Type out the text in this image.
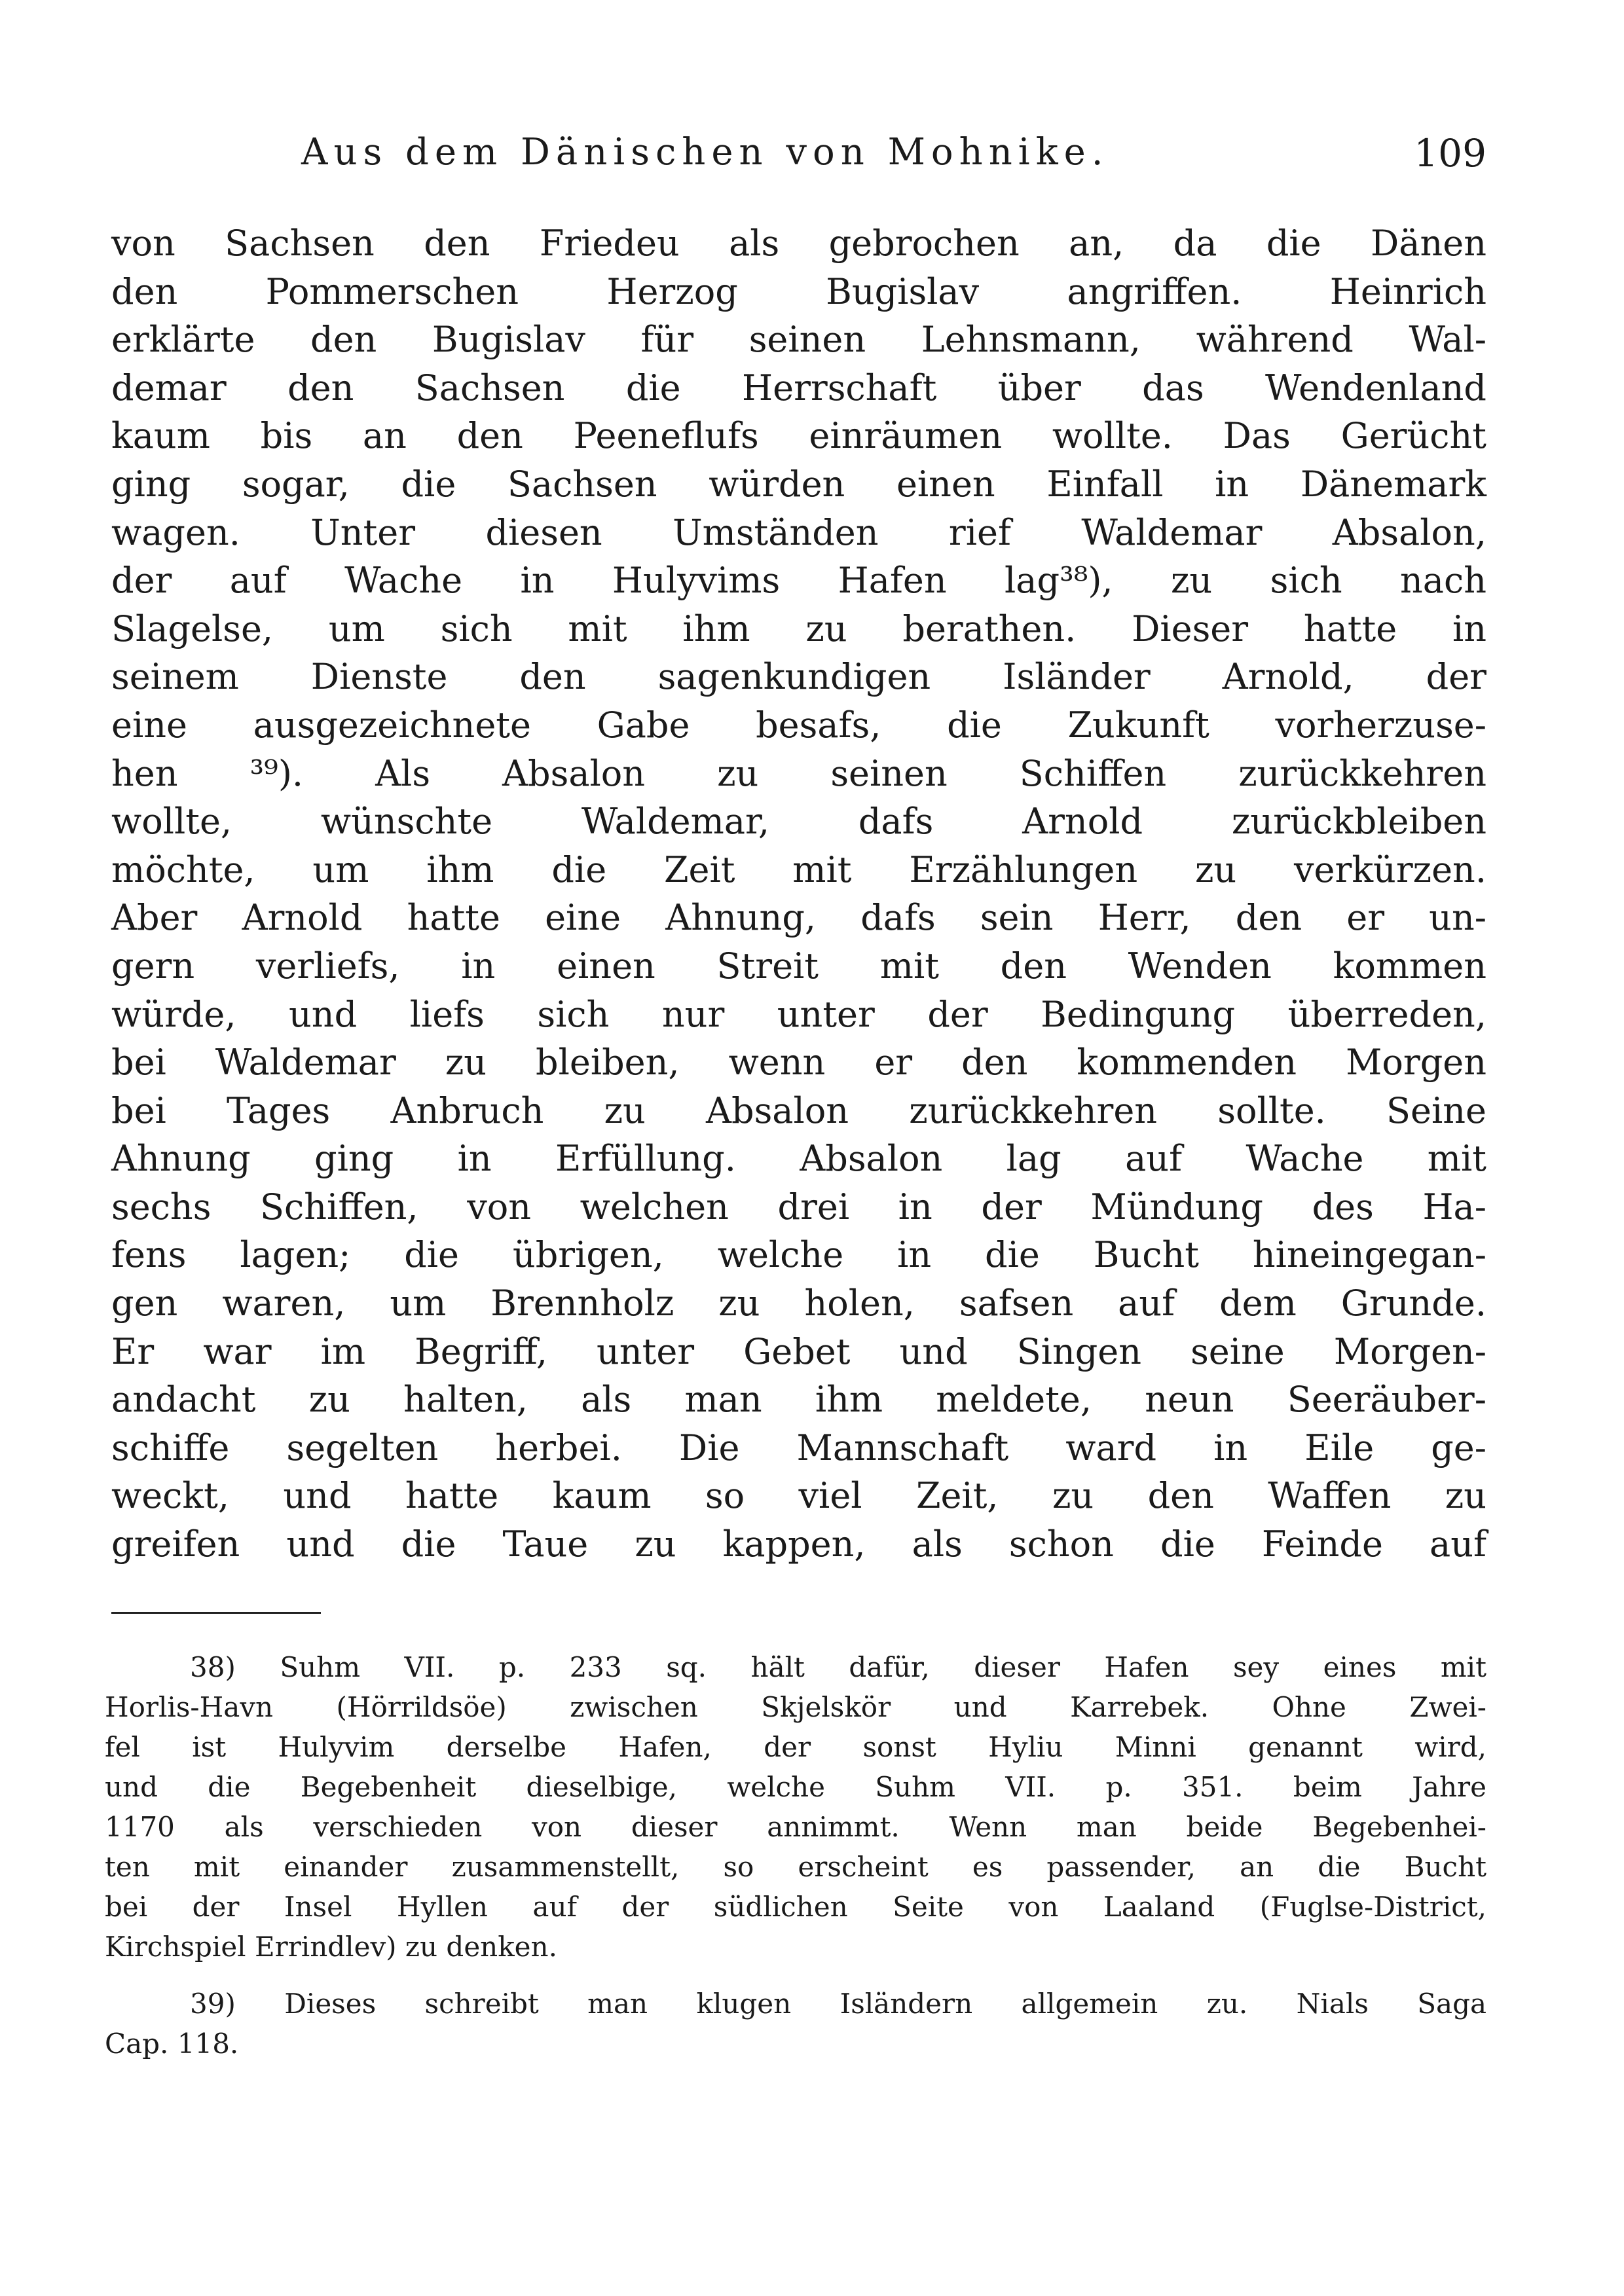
Aus dem Dänischen von Mohnike.	109
von Sachsen den Friedeu als gebrochen an, da die Dänen
den Pommerschen Herzog Bugislav angriffen. Heinrich
erklärte den Bugislav für seinen Lehnsmann, während Wal-
demar den Sachsen die Herrschaft über das Wendenland
kaum bis an den Peeneflufs einräumen wollte. Das Gerücht
ging sogar, die Sachsen würden einen Einfall in Dänemark
wagen. Unter diesen Umständen rief Waldemar Absalon,
der auf Wache in Hulyvims Hafen lag³⁸), zu sich nach
Slagelse, um sich mit ihm zu berathen. Dieser hatte in
seinem Dienste den sagenkundigen Isländer Arnold, der
eine ausgezeichnete Gabe besafs, die Zukunft vorherzuse-
hen ³⁹). Als Absalon zu seinen Schiffen zurückkehren
wollte, wünschte Waldemar, dafs Arnold zurückbleiben
möchte, um ihm die Zeit mit Erzählungen zu verkürzen.
Aber Arnold hatte eine Ahnung, dafs sein Herr, den er un-
gern verliefs, in einen Streit mit den Wenden kommen
würde, und liefs sich nur unter der Bedingung überreden,
bei Waldemar zu bleiben, wenn er den kommenden Morgen
bei Tages Anbruch zu Absalon zurückkehren sollte. Seine
Ahnung ging in Erfüllung. Absalon lag auf Wache mit
sechs Schiffen, von welchen drei in der Mündung des Ha-
fens lagen; die übrigen, welche in die Bucht hineingegan-
gen waren, um Brennholz zu holen, safsen auf dem Grunde.
Er war im Begriff, unter Gebet und Singen seine Morgen-
andacht zu halten, als man ihm meldete, neun Seeräuber-
schiffe segelten herbei. Die Mannschaft ward in Eile ge-
weckt, und hatte kaum so viel Zeit, zu den Waffen zu
greifen und die Taue zu kappen, als schon die Feinde auf
38) Suhm VII. p. 233 sq. hält dafür, dieser Hafen sey eines mit
Horlis-Havn (Hörrildsöe) zwischen Skjelskör und Karrebek. Ohne Zwei-
fel ist Hulyvim derselbe Hafen, der sonst Hyliu Minni genannt wird,
und die Begebenheit dieselbige, welche Suhm VII. p. 351. beim Jahre
1170 als verschieden von dieser annimmt. Wenn man beide Begebenhei-
ten mit einander zusammenstellt, so erscheint es passender, an die Bucht
bei der Insel Hyllen auf der südlichen Seite von Laaland (Fuglse-District,
Kirchspiel Errindlev) zu denken.
39) Dieses schreibt man klugen Isländern allgemein zu. Nials Saga
Cap. 118.
